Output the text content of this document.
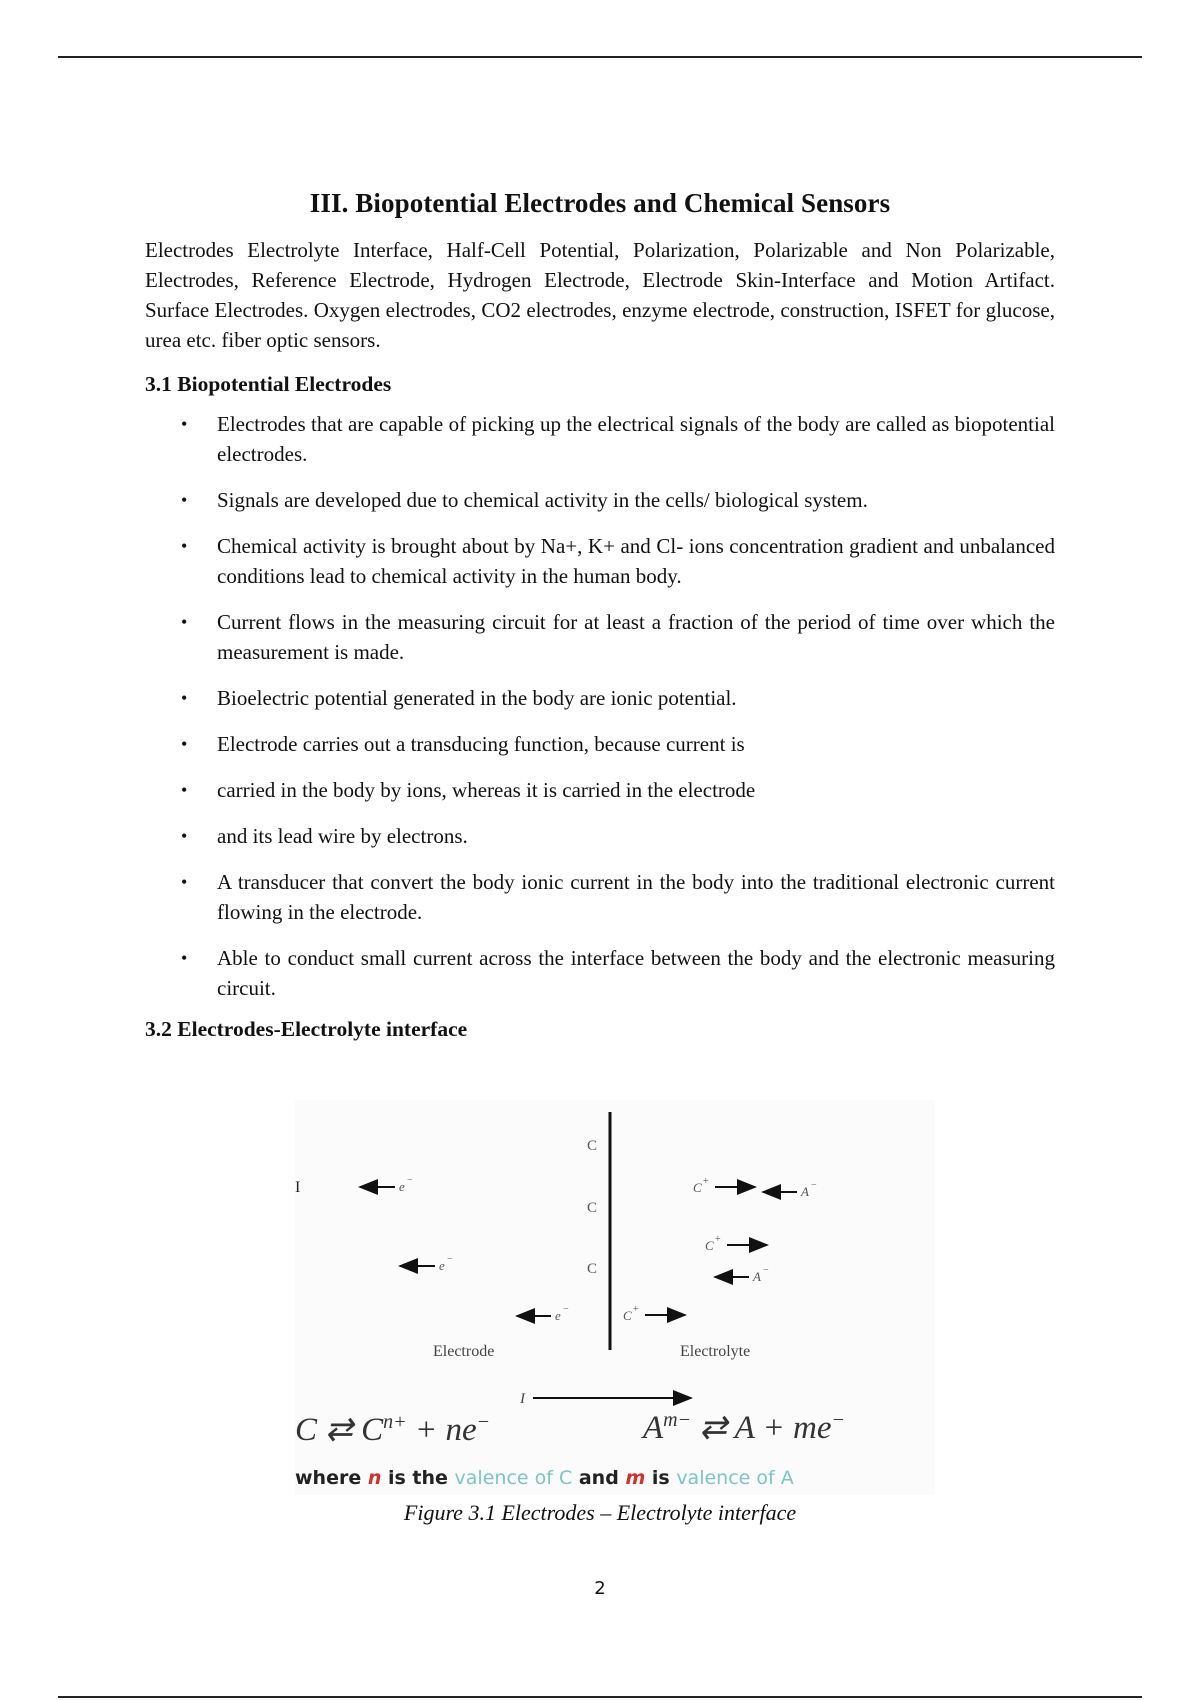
III. Biopotential Electrodes and Chemical Sensors

Electrodes Electrolyte Interface, Half-Cell Potential, Polarization, Polarizable and Non Polarizable, Electrodes, Reference Electrode, Hydrogen Electrode, Electrode Skin-Interface and Motion Artifact. Surface Electrodes. Oxygen electrodes, CO2 electrodes, enzyme electrode, construction, ISFET for glucose, urea etc. fiber optic sensors.

3.1 Biopotential Electrodes
• Electrodes that are capable of picking up the electrical signals of the body are called as biopotential electrodes.
• Signals are developed due to chemical activity in the cells/ biological system.
• Chemical activity is brought about by Na+, K+ and Cl- ions concentration gradient and unbalanced conditions lead to chemical activity in the human body.
• Current flows in the measuring circuit for at least a fraction of the period of time over which the measurement is made.
• Bioelectric potential generated in the body are ionic potential.
• Electrode carries out a transducing function, because current is
• carried in the body by ions, whereas it is carried in the electrode
• and its lead wire by electrons.
• A transducer that convert the body ionic current in the body into the traditional electronic current flowing in the electrode.
• Able to conduct small current across the interface between the body and the electronic measuring circuit.
3.2 Electrodes-Electrolyte interface
C
C
C
I	e −
e −
e −
C +
C +
C +
A −
A −
Electrode	Electrolyte
I
C ⇄ $C^{n+} + ne^-$	$A^{m-}$ ⇄ A + me−
where n is the valence of C and m is valence of A
Figure 3.1 Electrodes – Electrolyte interface
2
